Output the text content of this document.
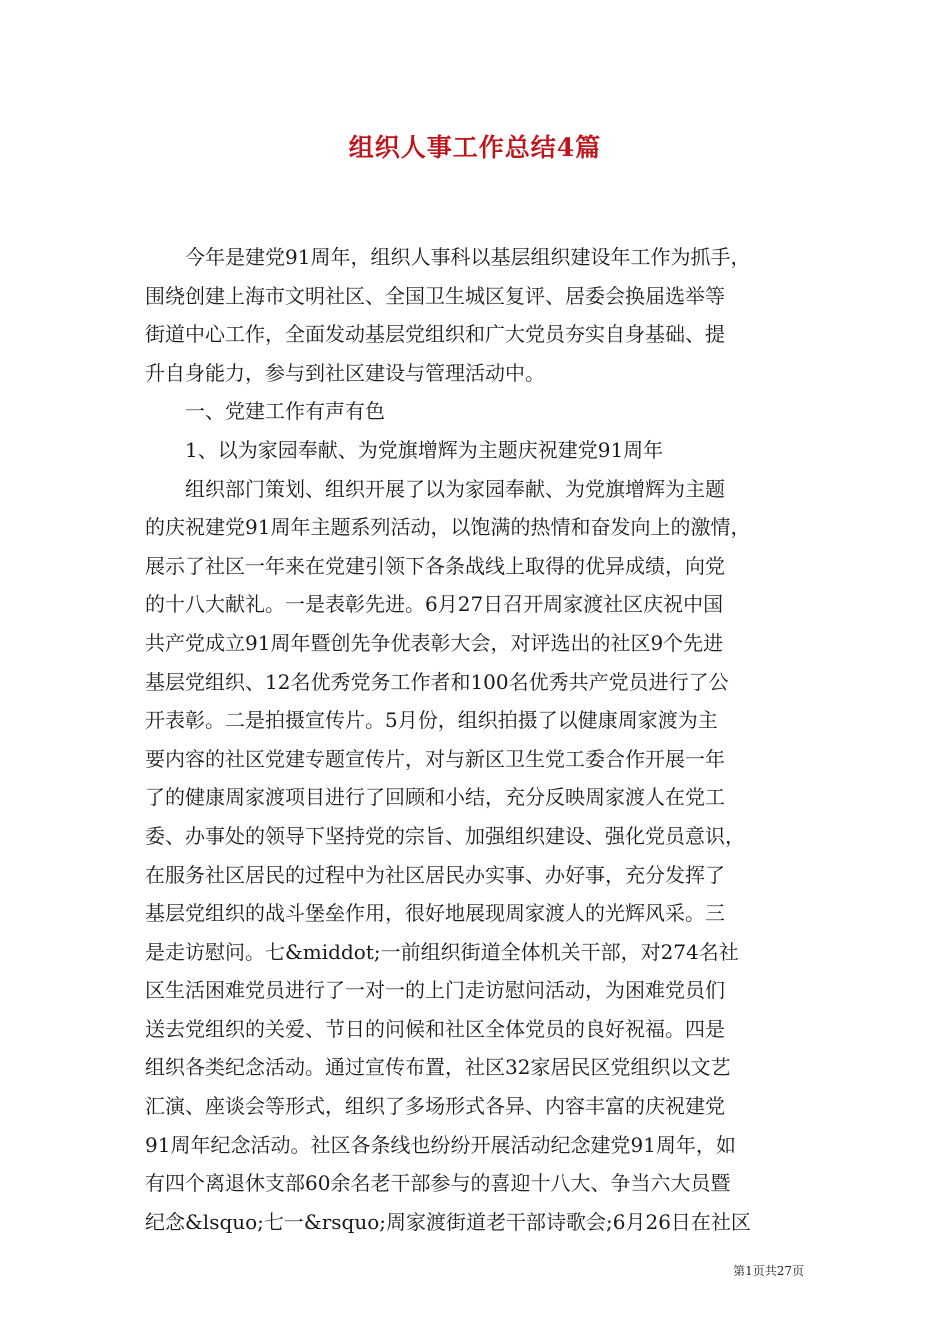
组织人事工作总结4篇
　　今年是建党91周年，组织人事科以基层组织建设年工作为抓手，
围绕创建上海市文明社区、全国卫生城区复评、居委会换届选举等
街道中心工作，全面发动基层党组织和广大党员夯实自身基础、提
升自身能力，参与到社区建设与管理活动中。
　　一、党建工作有声有色
　　1、以为家园奉献、为党旗增辉为主题庆祝建党91周年
　　组织部门策划、组织开展了以为家园奉献、为党旗增辉为主题
的庆祝建党91周年主题系列活动，以饱满的热情和奋发向上的激情，
展示了社区一年来在党建引领下各条战线上取得的优异成绩，向党
的十八大献礼。一是表彰先进。6月27日召开周家渡社区庆祝中国
共产党成立91周年暨创先争优表彰大会，对评选出的社区9个先进
基层党组织、12名优秀党务工作者和100名优秀共产党员进行了公
开表彰。二是拍摄宣传片。5月份，组织拍摄了以健康周家渡为主
要内容的社区党建专题宣传片，对与新区卫生党工委合作开展一年
了的健康周家渡项目进行了回顾和小结，充分反映周家渡人在党工
委、办事处的领导下坚持党的宗旨、加强组织建设、强化党员意识，
在服务社区居民的过程中为社区居民办实事、办好事，充分发挥了
基层党组织的战斗堡垒作用，很好地展现周家渡人的光辉风采。三
是走访慰问。七&middot;一前组织街道全体机关干部，对274名社
区生活困难党员进行了一对一的上门走访慰问活动，为困难党员们
送去党组织的关爱、节日的问候和社区全体党员的良好祝福。四是
组织各类纪念活动。通过宣传布置，社区32家居民区党组织以文艺
汇演、座谈会等形式，组织了多场形式各异、内容丰富的庆祝建党
91周年纪念活动。社区各条线也纷纷开展活动纪念建党91周年，如
有四个离退休支部60余名老干部参与的喜迎十八大、争当六大员暨
纪念&lsquo;七一&rsquo;周家渡街道老干部诗歌会;6月26日在社区
第1页共27页
